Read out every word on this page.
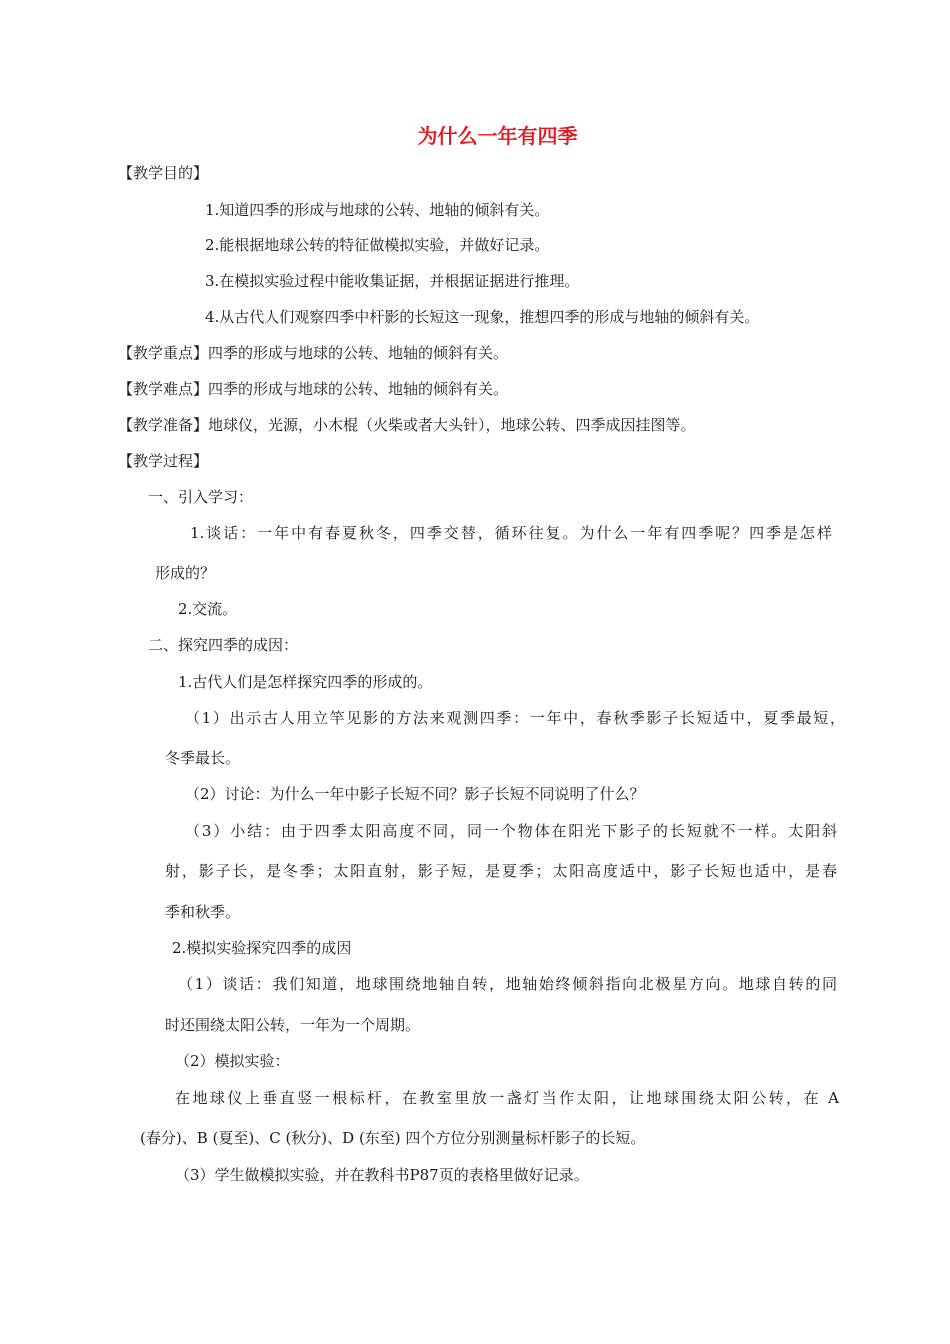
为什么一年有四季
【教学目的】
1.知道四季的形成与地球的公转、地轴的倾斜有关。
2.能根据地球公转的特征做模拟实验，并做好记录。
3.在模拟实验过程中能收集证据，并根据证据进行推理。
4.从古代人们观察四季中杆影的长短这一现象，推想四季的形成与地轴的倾斜有关。
【教学重点】四季的形成与地球的公转、地轴的倾斜有关。
【教学难点】四季的形成与地球的公转、地轴的倾斜有关。
【教学准备】地球仪，光源，小木棍（火柴或者大头针），地球公转、四季成因挂图等。
【教学过程】
一、引入学习：
1.谈话：一年中有春夏秋冬，四季交替，循环往复。为什么一年有四季呢？四季是怎样
形成的？
2.交流。
二、探究四季的成因：
1.古代人们是怎样探究四季的形成的。
（1）出示古人用立竿见影的方法来观测四季：一年中，春秋季影子长短适中，夏季最短，
冬季最长。
（2）讨论：为什么一年中影子长短不同？影子长短不同说明了什么？
（3）小结：由于四季太阳高度不同，同一个物体在阳光下影子的长短就不一样。太阳斜
射，影子长，是冬季；太阳直射，影子短，是夏季；太阳高度适中，影子长短也适中，是春
季和秋季。
2.模拟实验探究四季的成因
（1）谈话：我们知道，地球围绕地轴自转，地轴始终倾斜指向北极星方向。地球自转的同
时还围绕太阳公转，一年为一个周期。
（2）模拟实验：
在地球仪上垂直竖一根标杆，在教室里放一盏灯当作太阳，让地球围绕太阳公转，在 A
(春分)、B (夏至)、C (秋分)、D (东至) 四个方位分别测量标杆影子的长短。
（3）学生做模拟实验，并在教科书P87页的表格里做好记录。
